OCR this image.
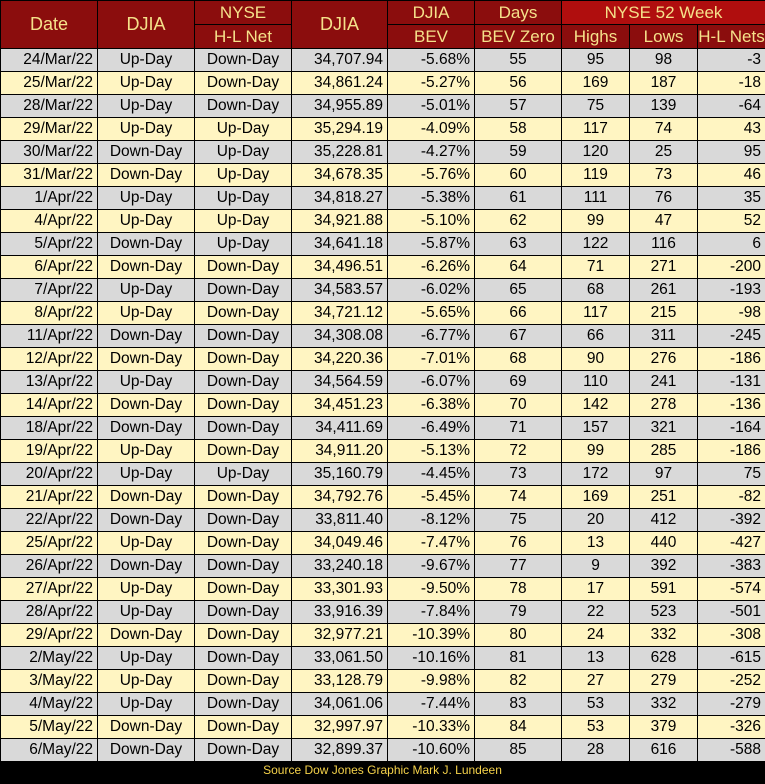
Date	DJIA	NYSE	DJIA	DJIA	Days	NYSE 52 Week		
		H-L Net		BEV	BEV Zero	Highs	Lows	H-L Nets
24/Mar/22	Up-Day	Down-Day	34,707.94	-5.68%	55	95	98	-3
25/Mar/22	Up-Day	Down-Day	34,861.24	-5.27%	56	169	187	-18
28/Mar/22	Up-Day	Down-Day	34,955.89	-5.01%	57	75	139	-64
29/Mar/22	Up-Day	Up-Day	35,294.19	-4.09%	58	117	74	43
30/Mar/22	Down-Day	Up-Day	35,228.81	-4.27%	59	120	25	95
31/Mar/22	Down-Day	Up-Day	34,678.35	-5.76%	60	119	73	46
1/Apr/22	Up-Day	Up-Day	34,818.27	-5.38%	61	111	76	35
4/Apr/22	Up-Day	Up-Day	34,921.88	-5.10%	62	99	47	52
5/Apr/22	Down-Day	Up-Day	34,641.18	-5.87%	63	122	116	6
6/Apr/22	Down-Day	Down-Day	34,496.51	-6.26%	64	71	271	-200
7/Apr/22	Up-Day	Down-Day	34,583.57	-6.02%	65	68	261	-193
8/Apr/22	Up-Day	Down-Day	34,721.12	-5.65%	66	117	215	-98
11/Apr/22	Down-Day	Down-Day	34,308.08	-6.77%	67	66	311	-245
12/Apr/22	Down-Day	Down-Day	34,220.36	-7.01%	68	90	276	-186
13/Apr/22	Up-Day	Down-Day	34,564.59	-6.07%	69	110	241	-131
14/Apr/22	Down-Day	Down-Day	34,451.23	-6.38%	70	142	278	-136
18/Apr/22	Down-Day	Down-Day	34,411.69	-6.49%	71	157	321	-164
19/Apr/22	Up-Day	Down-Day	34,911.20	-5.13%	72	99	285	-186
20/Apr/22	Up-Day	Up-Day	35,160.79	-4.45%	73	172	97	75
21/Apr/22	Down-Day	Down-Day	34,792.76	-5.45%	74	169	251	-82
22/Apr/22	Down-Day	Down-Day	33,811.40	-8.12%	75	20	412	-392
25/Apr/22	Up-Day	Down-Day	34,049.46	-7.47%	76	13	440	-427
26/Apr/22	Down-Day	Down-Day	33,240.18	-9.67%	77	9	392	-383
27/Apr/22	Up-Day	Down-Day	33,301.93	-9.50%	78	17	591	-574
28/Apr/22	Up-Day	Down-Day	33,916.39	-7.84%	79	22	523	-501
29/Apr/22	Down-Day	Down-Day	32,977.21	-10.39%	80	24	332	-308
2/May/22	Up-Day	Down-Day	33,061.50	-10.16%	81	13	628	-615
3/May/22	Up-Day	Down-Day	33,128.79	-9.98%	82	27	279	-252
4/May/22	Up-Day	Down-Day	34,061.06	-7.44%	83	53	332	-279
5/May/22	Down-Day	Down-Day	32,997.97	-10.33%	84	53	379	-326
6/May/22	Down-Day	Down-Day	32,899.37	-10.60%	85	28	616	-588
Source Dow Jones Graphic Mark J. Lundeen
